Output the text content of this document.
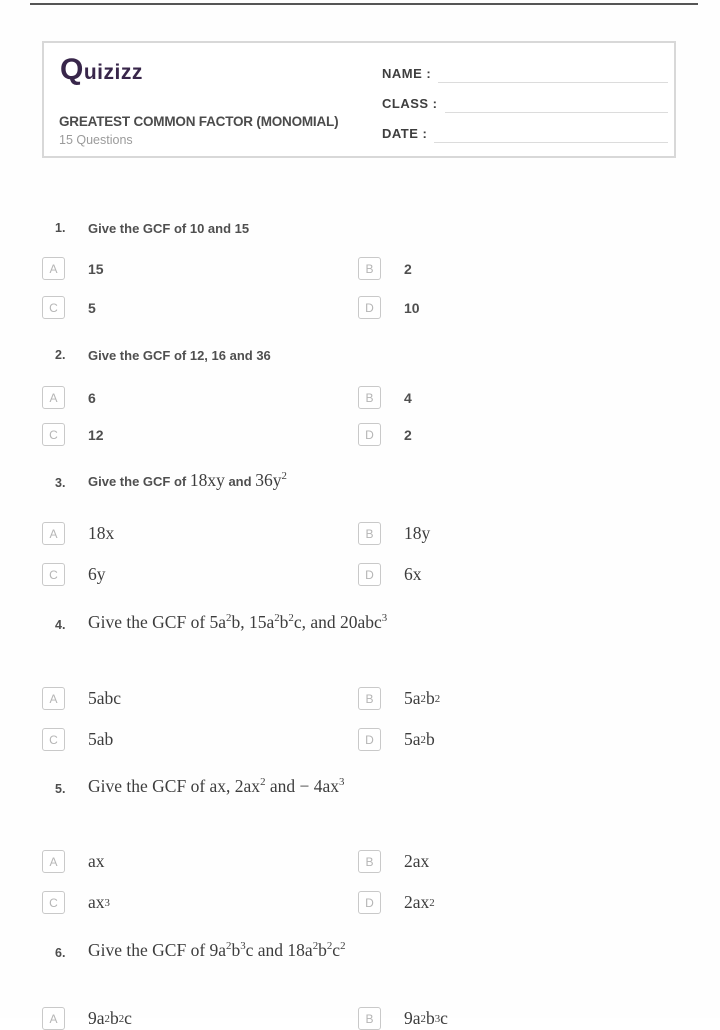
Quizizz
GREATEST COMMON FACTOR (MONOMIAL)
15 Questions
NAME :
CLASS :
DATE :
1. Give the GCF of 10 and 15
A	15	B	2
C	5	D	10
2. Give the GCF of 12, 16 and 36
A	6	B	4
C	12	D	2
3. Give the GCF of 18xy and $36y^2$
A	18x	B	18y
C	6y	D	6x
4. Give the GCF of $5a^2b$, $15a^2b^2c$, and 20abc$^3$
A	5abc	B	5a 2 b 2
C	5ab	D	5a 2 b
5. Give the GCF of ax, $2ax^2$ and − $4ax^3$
A	ax	B	2ax
C	ax 3	D	2ax 2
6. Give the GCF of $9a^2b^3c$ and $18a^2b^2c^2$
A	9a 2 b 2 c	B	9a 2 b 3 c
